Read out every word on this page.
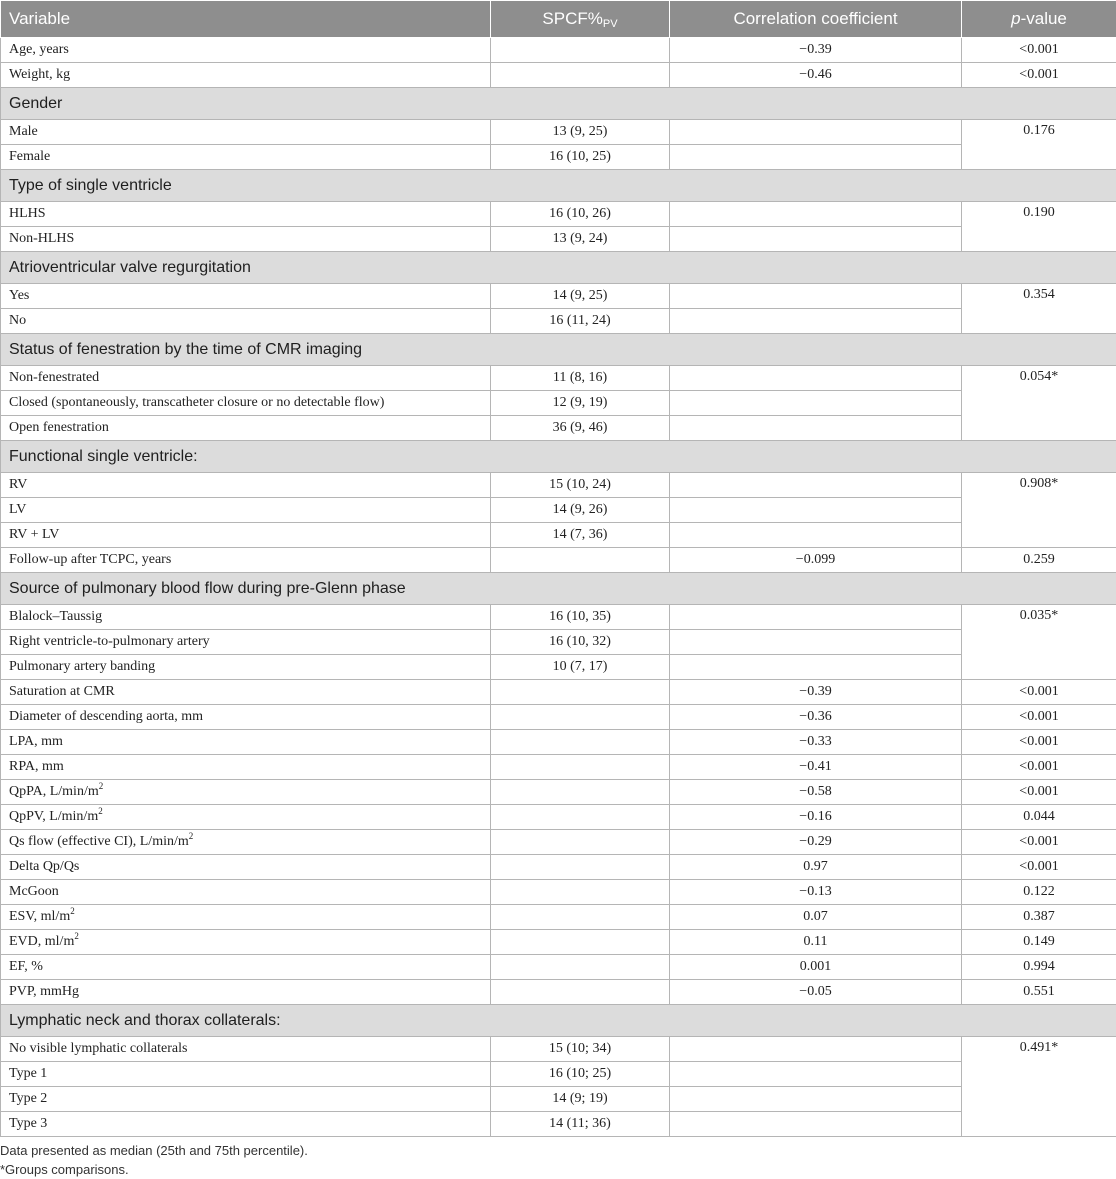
Variable	$SPCF\%_{PV}$	Correlation coefficient	p-value
Age, years		−0.39	<0.001
Weight, kg		−0.46	<0.001
Gender			
Male	13 (9, 25)		0.176
Female	16 (10, 25)		
Type of single ventricle			
HLHS	16 (10, 26)		0.190
Non-HLHS	13 (9, 24)		
Atrioventricular valve regurgitation			
Yes	14 (9, 25)		0.354
No	16 (11, 24)		
Status of fenestration by the time of CMR imaging			
Non-fenestrated	11 (8, 16)		0.054*
Closed (spontaneously, transcatheter closure or no detectable flow)	12 (9, 19)		
Open fenestration	36 (9, 46)		
Functional single ventricle:			
RV	15 (10, 24)		0.908*
LV	14 (9, 26)		
RV + LV	14 (7, 36)		
Follow-up after TCPC, years		−0.099	0.259
Source of pulmonary blood flow during pre-Glenn phase			
Blalock–Taussig	16 (10, 35)		0.035*
Right ventricle-to-pulmonary artery	16 (10, 32)		
Pulmonary artery banding	10 (7, 17)		
Saturation at CMR		−0.39	<0.001
Diameter of descending aorta, mm		−0.36	<0.001
LPA, mm		−0.33	<0.001
RPA, mm		−0.41	<0.001
QpPA, $L/\min/m^2$		−0.58	<0.001
QpPV, $L/\min/m^2$		−0.16	0.044
Qs flow (effective CI), $L/\min/m^2$		−0.29	<0.001
Delta Qp/Qs		0.97	<0.001
McGoon		−0.13	0.122
ESV, $ml/m^2$		0.07	0.387
EVD, $ml/m^2$		0.11	0.149
EF, %		0.001	0.994
PVP, mmHg		−0.05	0.551
Lymphatic neck and thorax collaterals:			
No visible lymphatic collaterals	15 (10; 34)		0.491*
Type 1	16 (10; 25)		
Type 2	14 (9; 19)		
Type 3	14 (11; 36)		
Data presented as median (25th and 75th percentile).
*Groups comparisons.
